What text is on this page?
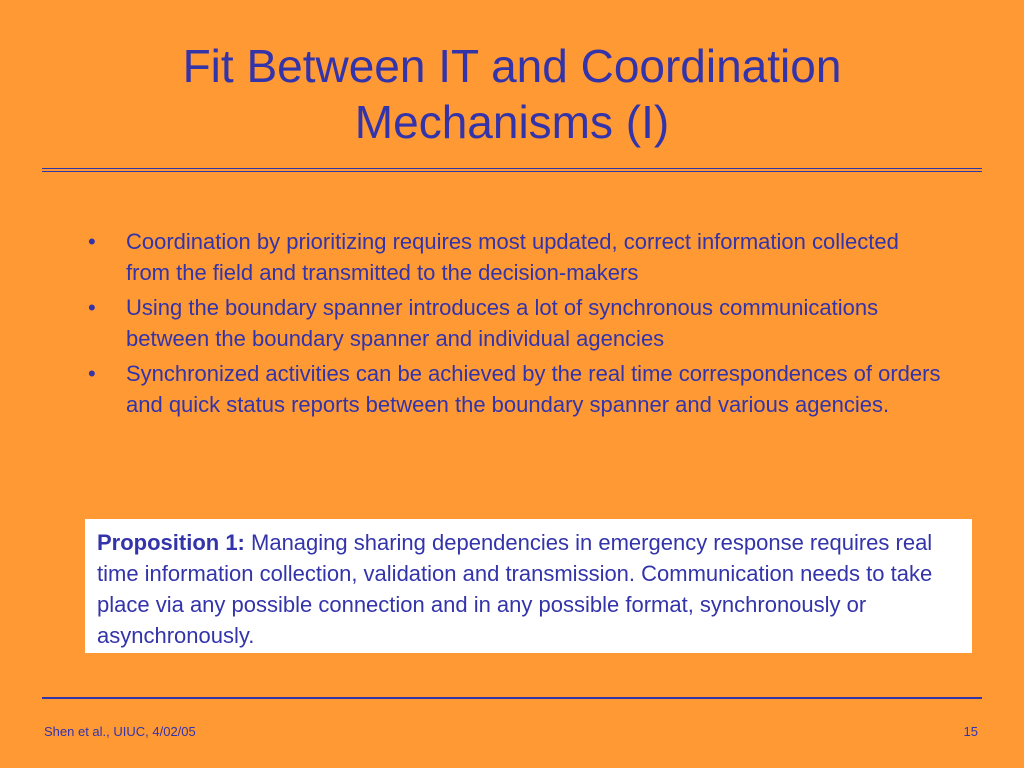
Fit Between IT and Coordination
Mechanisms (I)
• Coordination by prioritizing requires most updated, correct information collected from the field and transmitted to the decision-makers
• Using the boundary spanner introduces a lot of synchronous communications between the boundary spanner and individual agencies
• Synchronized activities can be achieved by the real time correspondences of orders and quick status reports between the boundary spanner and various agencies.
Proposition 1: Managing sharing dependencies in emergency response requires real time information collection, validation and transmission. Communication needs to take place via any possible connection and in any possible format, synchronously or asynchronously.
Shen et al., UIUC, 4/02/05	15
